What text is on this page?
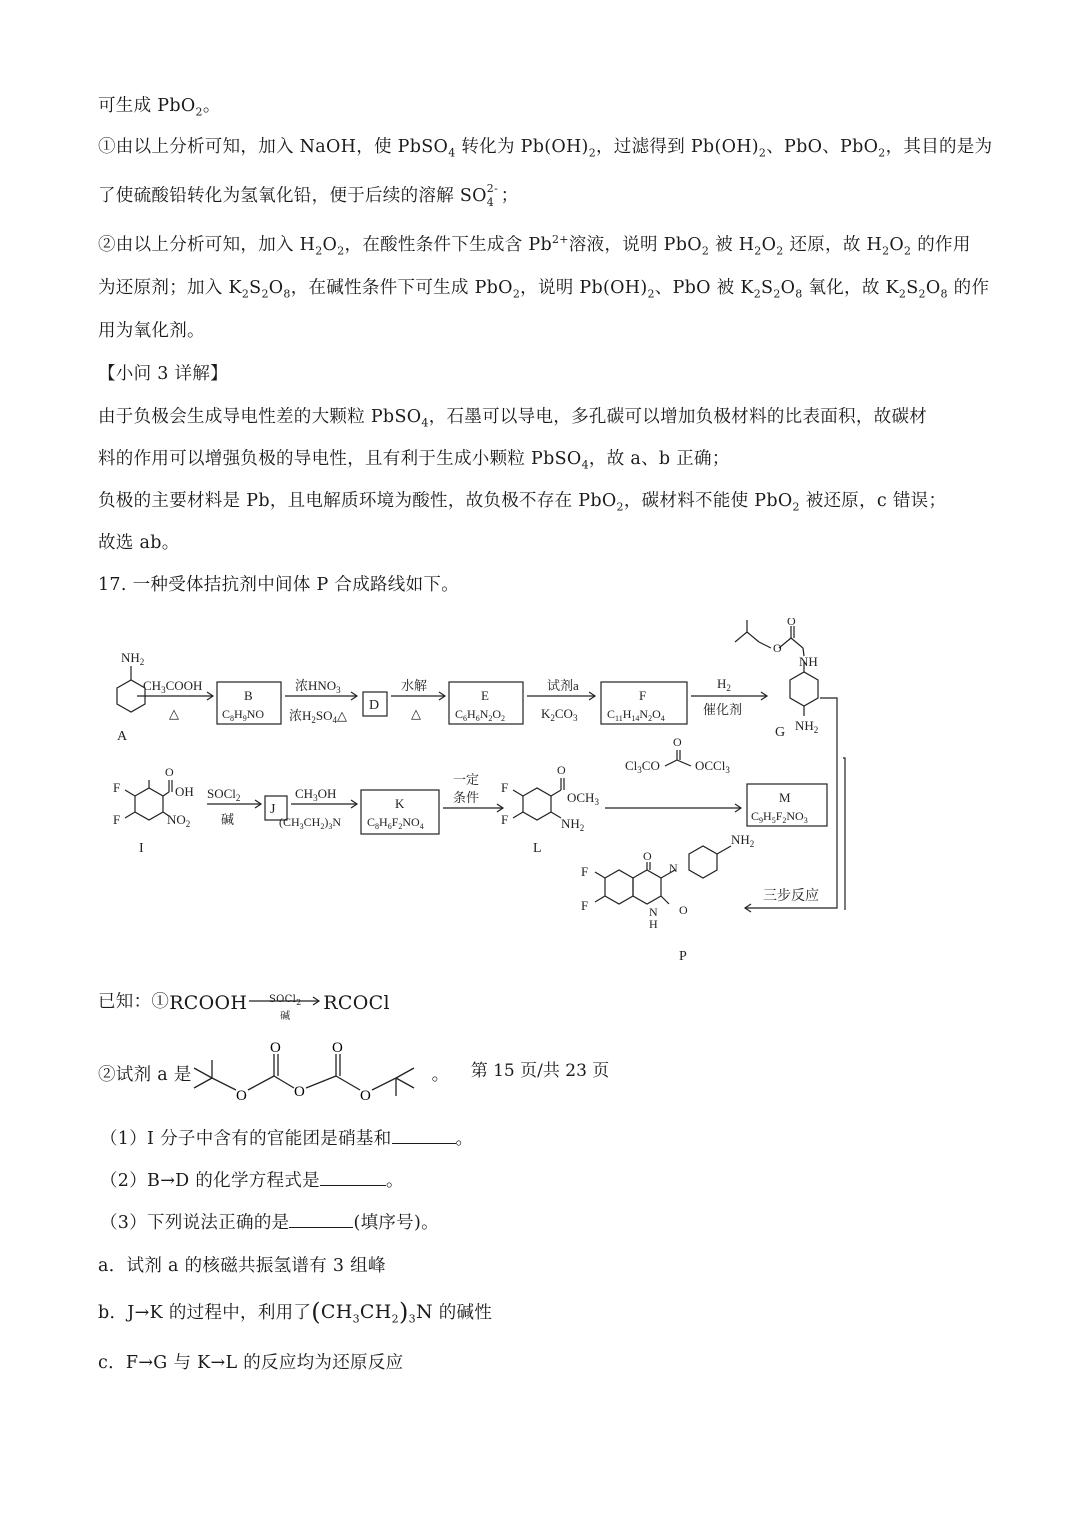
可生成 PbO$_2$。
①由以上分析可知，加入 NaOH，使 PbSO$_4$ 转化为 $Pb(OH)_2$，过滤得到 $Pb(OH)_2$、PbO、PbO$_2$，其目的是为
了使硫酸铅转化为氢氧化铅，便于后续的溶解 SO 2-
4 ；
②由以上分析可知，加入 $H_2O_2$，在酸性条件下生成含 $Pb^{2+}$溶液，说明 PbO$_2$ 被 $H_2O_2$ 还原，故 $H_2O_2$ 的作用
为还原剂；加入 $K_2S_2O_8$，在碱性条件下可生成 PbO$_2$，说明 $Pb(OH)_2$、PbO 被 $K_2S_2O_8$ 氧化，故 $K_2S_2O_8$ 的作
用为氧化剂。
【小问 3 详解】
由于负极会生成导电性差的大颗粒 PbSO$_4$，石墨可以导电，多孔碳可以增加负极材料的比表面积，故碳材
料的作用可以增强负极的导电性，且有利于生成小颗粒 PbSO$_4$，故 a、b 正确；
负极的主要材料是 Pb，且电解质环境为酸性，故负极不存在 PbO$_2$，碳材料不能使 PbO$_2$ 被还原，c 错误；
故选 ab。
17. 一种受体拮抗剂中间体 P 合成路线如下。
A
$NH_2$
$CH_3COOH$
△
B
$C_8H_9NO$
浓$HNO_3$
浓$H_2SO_4\triangle$
D
水解
△
E
$C_6H_6N_2O_2$
试剂a
$K_2CO_3$
F
$C_{11}H_{14}N_2O_4$
$H_2$
催化剂
NH
O
O
G $NH_2$
O
OH
$NO_2$
F
F
I
SOCl$_2$
碱
J
$CH_3OH$
$(CH_3CH_2)_3N$
K
$C_8H_6F_2NO_4$
一定
条件
F
F
O
$OCH_3$
$NH_2$
L
$Cl_3CO$
O
OCCl$_3$
M
$C_9H_5F_2NO_3$
三步反应
F
F
O
N
O
N
H
$NH_2$
P
已知：① RCOOH	SOCl$_2$
碱
RCOCl
②试剂 a 是	。
O	O
O	O	O
（1）I 分子中含有的官能团是硝基和	。
（2）B→D 的化学方程式是	。
（3）下列说法正确的是	(填序号)。
a．试剂 a 的核磁共振氢谱有 3 组峰
b．J→K 的过程中，利用了$(CH_3CH_2)_3N$ 的碱性
c．F→G 与 K→L 的反应均为还原反应
第 15 页/共 23 页
